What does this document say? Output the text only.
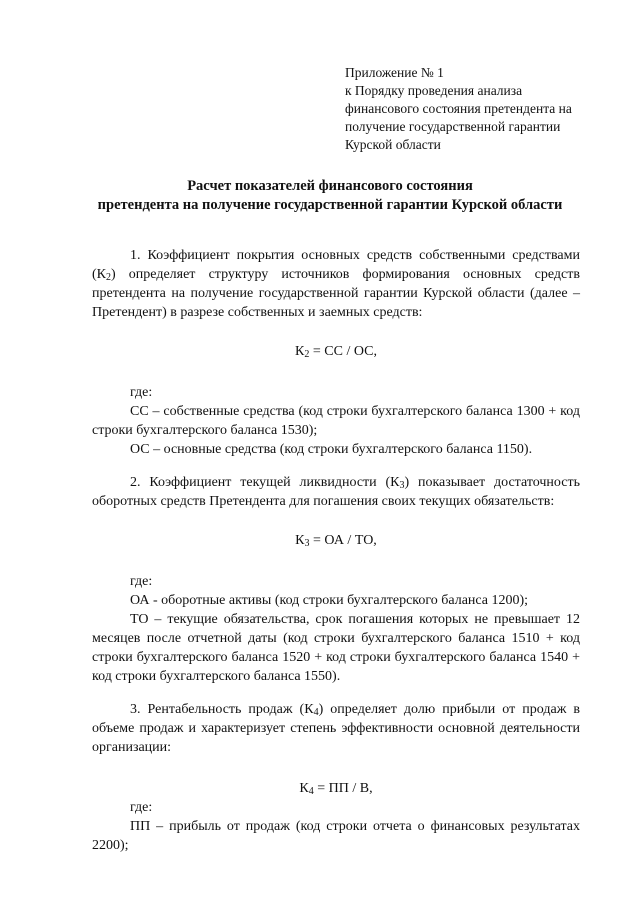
Приложение № 1
к Порядку проведения анализа
финансового состояния претендента на
получение государственной гарантии
Курской области
Расчет показателей финансового состояния
претендента на получение государственной гарантии Курской области
1. Коэффициент покрытия основных средств собственными средствами $(К_2)$ определяет структуру источников формирования основных средств претендента на получение государственной гарантии Курской области (далее – Претендент) в разрезе собственных и заемных средств:
$К_2$ = СС / ОС,
где:
СС – собственные средства (код строки бухгалтерского баланса 1300 + код строки бухгалтерского баланса 1530);
ОС – основные средства (код строки бухгалтерского баланса 1150).
2. Коэффициент текущей ликвидности $(К_3)$ показывает достаточность оборотных средств Претендента для погашения своих текущих обязательств:
$К_3$ = ОА / ТО,
где:
ОА - оборотные активы (код строки бухгалтерского баланса 1200);
ТО – текущие обязательства, срок погашения которых не превышает 12 месяцев после отчетной даты (код строки бухгалтерского баланса 1510 + код строки бухгалтерского баланса 1520 + код строки бухгалтерского баланса 1540 + код строки бухгалтерского баланса 1550).
3. Рентабельность продаж $(К_4)$ определяет долю прибыли от продаж в объеме продаж и характеризует степень эффективности основной деятельности организации:
$К_4$ = ПП / В,
где:
ПП – прибыль от продаж (код строки отчета о финансовых результатах 2200);
